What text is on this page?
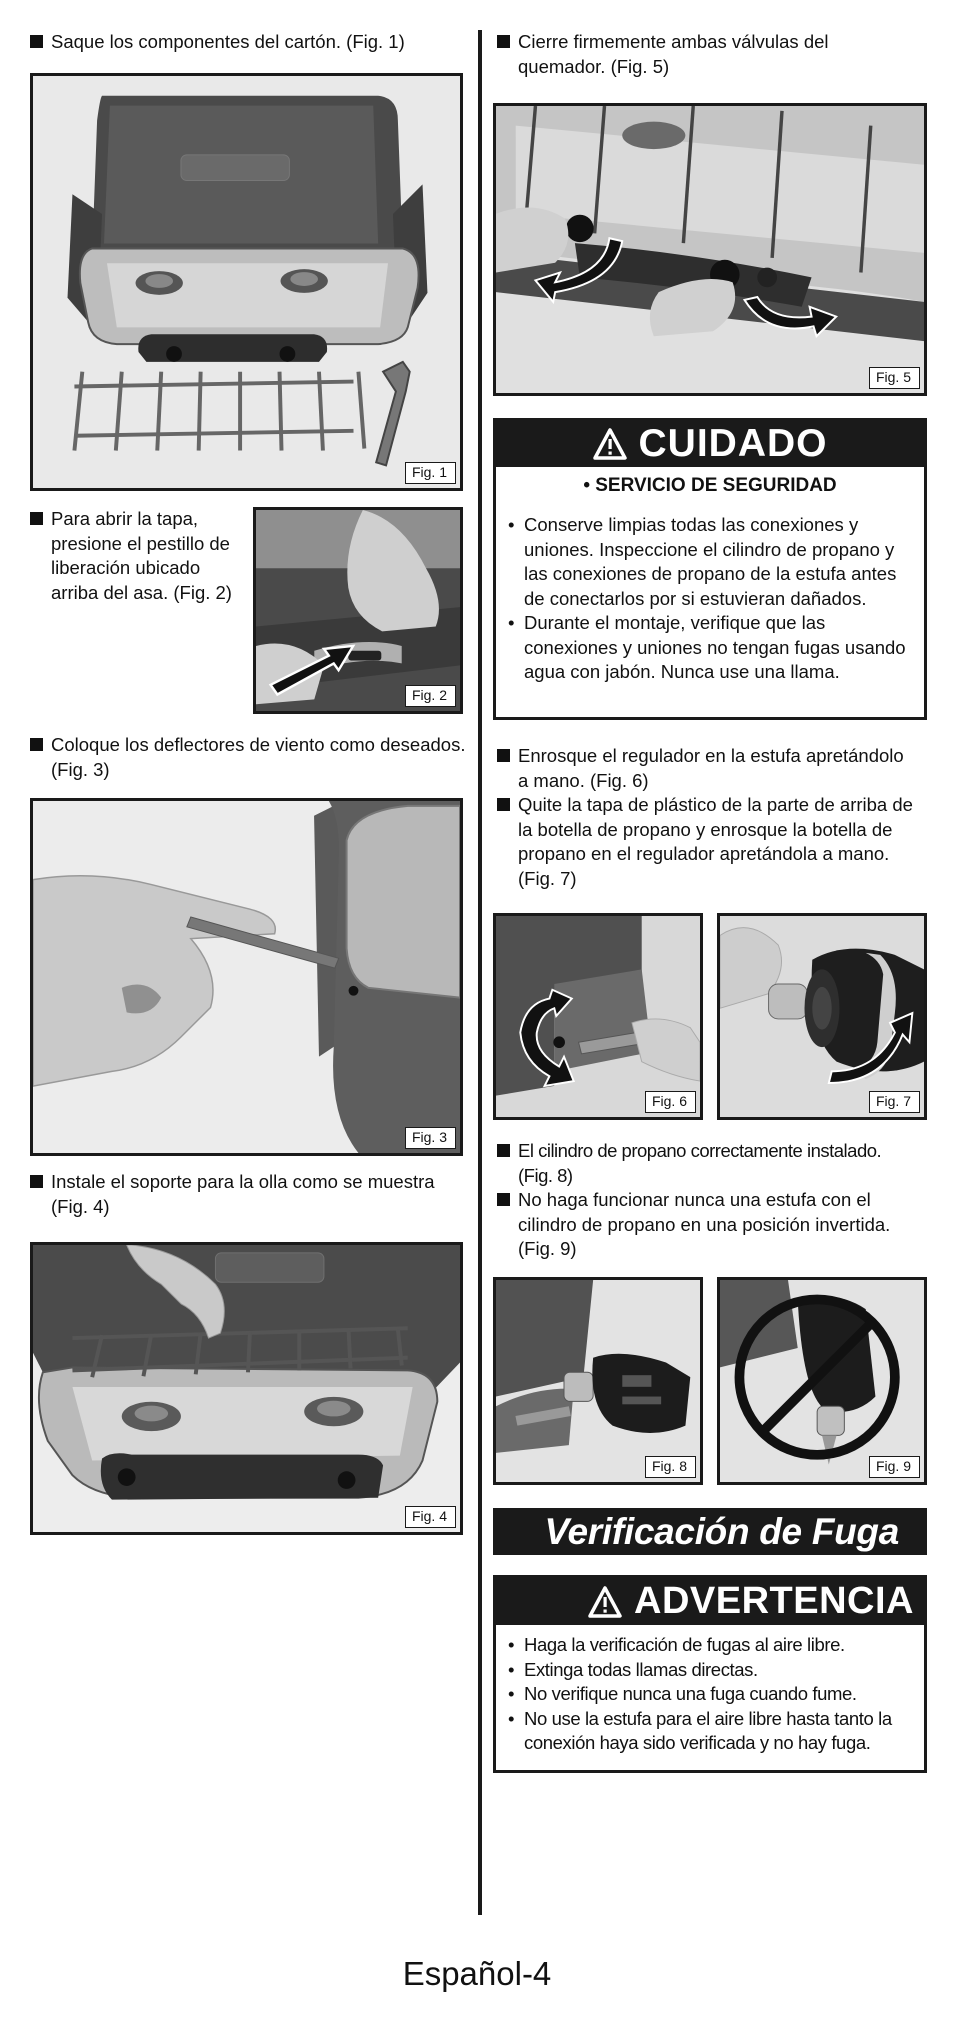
Saque los componentes del cartón. (Fig. 1)

Fig. 1

Para abrir la tapa, presione el pestillo de liberación ubicado arriba del asa. (Fig. 2)

Fig. 2

Coloque los deflectores de viento como deseados. (Fig. 3)

Fig. 3

Instale el soporte para la olla como se muestra (Fig. 4)

Fig. 4

Cierre firmemente ambas válvulas del quemador. (Fig. 5)

Fig. 5
CUIDADO
• SERVICIO DE SEGURIDAD
• Conserve limpias todas las conexiones y uniones. Inspeccione el cilindro de propano y las conexiones de propano de la estufa antes de conectarlos por si estuvieran dañados.
• Durante el montaje, verifique que las conexiones y uniones no tengan fugas usando agua con jabón. Nunca use una llama.

Enrosque el regulador en la estufa apretándolo a mano. (Fig. 6)

Quite la tapa de plástico de la parte de arriba de la botella de propano y enrosque la botella de propano en el regulador apretándola a mano. (Fig. 7)

Fig. 6	Fig. 7

El cilindro de propano correctamente instalado. (Fig. 8)

No haga funcionar nunca una estufa con el cilindro de propano en una posición invertida. (Fig. 9)

Fig. 8	Fig. 9
Verificación de Fuga
ADVERTENCIA
• Haga la verificación de fugas al aire libre.
• Extinga todas llamas directas.
• No verifique nunca una fuga cuando fume.
• No use la estufa para el aire libre hasta tanto la conexión haya sido verificada y no hay fuga.
Español-4
